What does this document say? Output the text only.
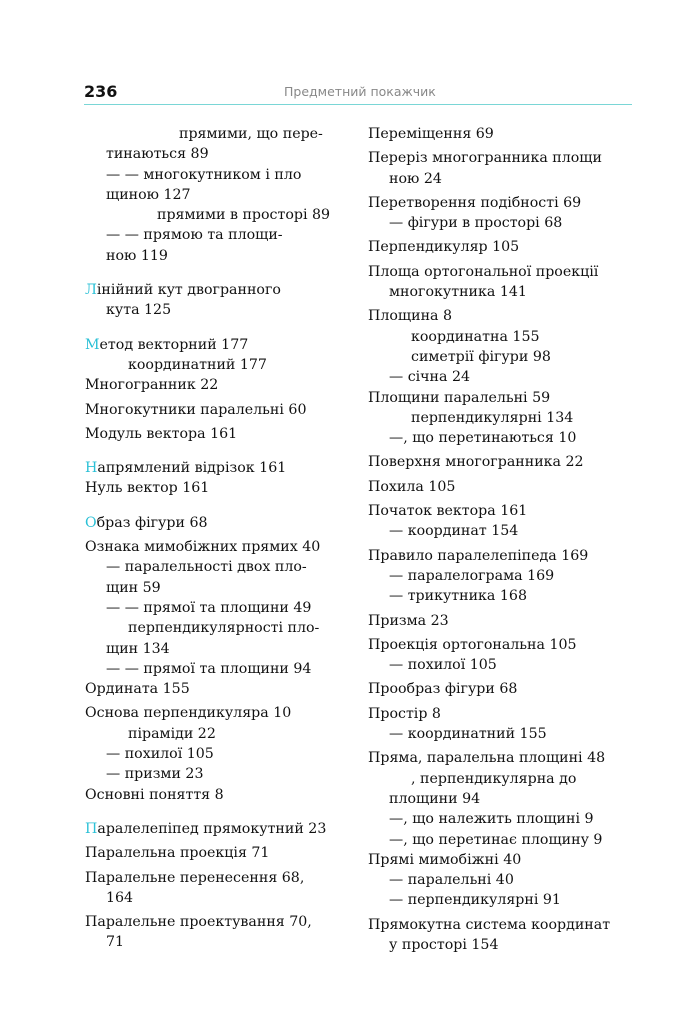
236	Предметний покажчик

прямими, що пере-

тинаються 89

— — многокутником і пло

щиною 127

прямими в просторі 89

— — прямою та площи-

ною 119

Лінійний кут двогранного

кута 125

Метод векторний 177

координатний 177

Многогранник 22

Многокутники паралельні 60

Модуль вектора 161

Напрямлений відрізок 161

Нуль вектор 161

Образ фігури 68

Ознака мимобіжних прямих 40

— паралельності двох пло-

щин 59

— — прямої та площини 49

перпендикулярності пло-

щин 134

— — прямої та площини 94

Ордината 155

Основа перпендикуляра 10

піраміди 22

— похилої 105

— призми 23

Основні поняття 8

Паралелепіпед прямокутний 23

Паралельна проекція 71

Паралельне перенесення 68,

164

Паралельне проектування 70,

71

Переміщення 69

Переріз многогранника площи

ною 24

Перетворення подібності 69

— фігури в просторі 68

Перпендикуляр 105

Площа ортогональної проекції

многокутника 141

Площина 8

координатна 155

симетрії фігури 98

— січна 24

Площини паралельні 59

перпендикулярні 134

—, що перетинаються 10

Поверхня многогранника 22

Похила 105

Початок вектора 161

— координат 154

Правило паралелепіпеда 169

— паралелограма 169

— трикутника 168

Призма 23

Проекція ортогональна 105

— похилої 105

Прообраз фігури 68

Простір 8

— координатний 155

Пряма, паралельна площині 48

, перпендикулярна до

площини 94

—, що належить площині 9

—, що перетинає площину 9

Прямі мимобіжні 40

— паралельні 40

— перпендикулярні 91

Прямокутна система координат

у просторі 154
